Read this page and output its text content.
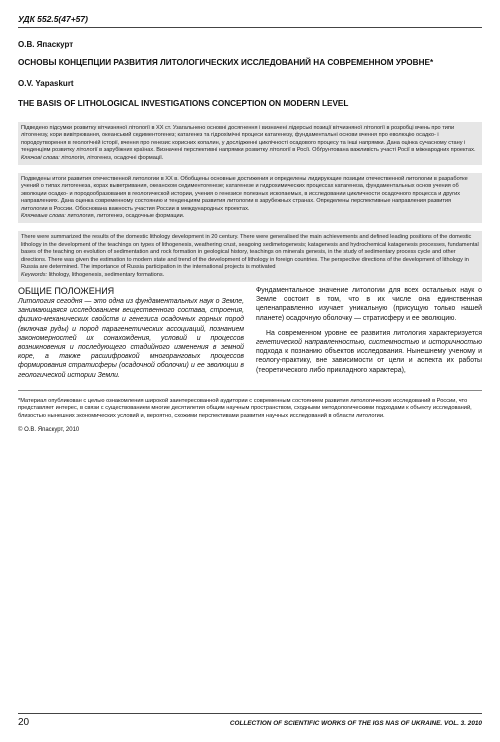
УДК 552.5(47+57)
О.В. Япаскурт
ОСНОВЫ КОНЦЕПЦИИ РАЗВИТИЯ ЛИТОЛОГИЧЕСКИХ ИССЛЕДОВАНИЙ НА СОВРЕМЕННОМ УРОВНЕ*
O.V. Yapaskurt
THE BASIS OF LITHOLOGICAL INVESTIGATIONS CONCEPTION ON MODERN LEVEL

Підведено підсумки розвитку вітчизняної літології в XX ст. Узагальнено основні досягнення і визначені лідерські позиції вітчизняної літології в розробці вчень про типи літогенезу, кори вивітрювання, океанський седиментогенез; катагенез та гідрохімічні процеси катагенезу, фундаментальні основи вчення про еволюцію осадко- і породоутворення в геологічній історії, вчення про генезис корисних копалин, у дослідженні циклічності осадового процесу та інші напрямки. Дана оцінка сучасному стану і тенденціям розвитку літології в зарубіжних країнах. Визначені перспективні напрямки розвитку літології в Росії. Обґрунтована важливість участі Росії в міжнародних проектах.

Ключові слова: літологія, літогенез, осадочні формації.

Подведены итоги развития отечественной литологии в XX в. Обобщены основные достижения и определены лидирующие позиции отечественной литологии в разработке учений о типах литогенеза, корах выветривания, океанском седиментогенезе; катагенезе и гидрохимических процессах катагенеза, фундаментальных основ учения об эволюции осадко- и породообразования в геологической истории, учения о генезисе полезных ископаемых, в исследовании цикличности осадочного процесса и других направлениях. Дана оценка современному состоянию и тенденциям развития литологии в зарубежных странах. Определены перспективные направления развития литологии в России. Обоснована важность участия России в международных проектах.

Ключевые слова: литология, литогенез, осадочные формации.

There were summarized the results of the domestic lithology development in 20 century. There were generalised the main achievements and defined leading positions of the domestic lithology in the development of the teachings on types of lithogenesis, weathering crust, seagoing sedimetogenesis; katagenesis and hydrochemical katagenesis processes, fundamental bases of the teaching on evolution of sedimentation and rock formation in geological history, teachings on minerals genesis, in the study of sedimentary process cycle and other directions. There was given the estimation to modern state and trend of the development of lithology in foreign countries. The perspective directions of the development of lithology in Russia are determined. The importance of Russia participation in the international projects is motivated

Keywords: lithology, lithogenesis, sedimentary formations.

ОБЩИЕ ПОЛОЖЕНИЯ

Литология сегодня — это одна из фундаментальных наук о Земле, занимающаяся исследованием вещественного состава, строения, физико-механических свойств и генезиса осадочных горных пород (включая руды) и пород парагенетических ассоциаций, познанием закономерностей их сонахождения, условий и процессов возникновения и последующего стадийного изменения в земной коре, а также расшифровкой многоранговых процессов формирования стратисферы (осадочной оболочки) и ее эволюции в геологической истории Земли.

Фундаментальное значение литологии для всех остальных наук о Земле состоит в том, что в их числе она единственная целенаправленно изучает уникальную (присущую только нашей планете) осадочную оболочку — стратисферу и ее эволюцию.

На современном уровне ее развития литология характеризуется генетической направленностью, системностью и историчностью подхода к познанию объектов исследования. Нынешнему ученому и геологу-практику, вне зависимости от цели и аспекта их работы (теоретического либо прикладного характера),

*Материал опубликован с целью ознакомления широкой заинтересованной аудитории с современным состоянием развития литологических исследований в России, что представляет интерес, в связи с существованием многие десятилетия общим научным пространством, сходными методологическими подходами к объекту исследований, близостью нынешних экономических условий и, вероятно, схожими перспективами развития научных исследований в области литологии.
© О.В. Япаскурт, 2010
20	COLLECTION OF SCIENTIFIC WORKS OF THE IGS NAS OF UKRAINE. VOL. 3. 2010
